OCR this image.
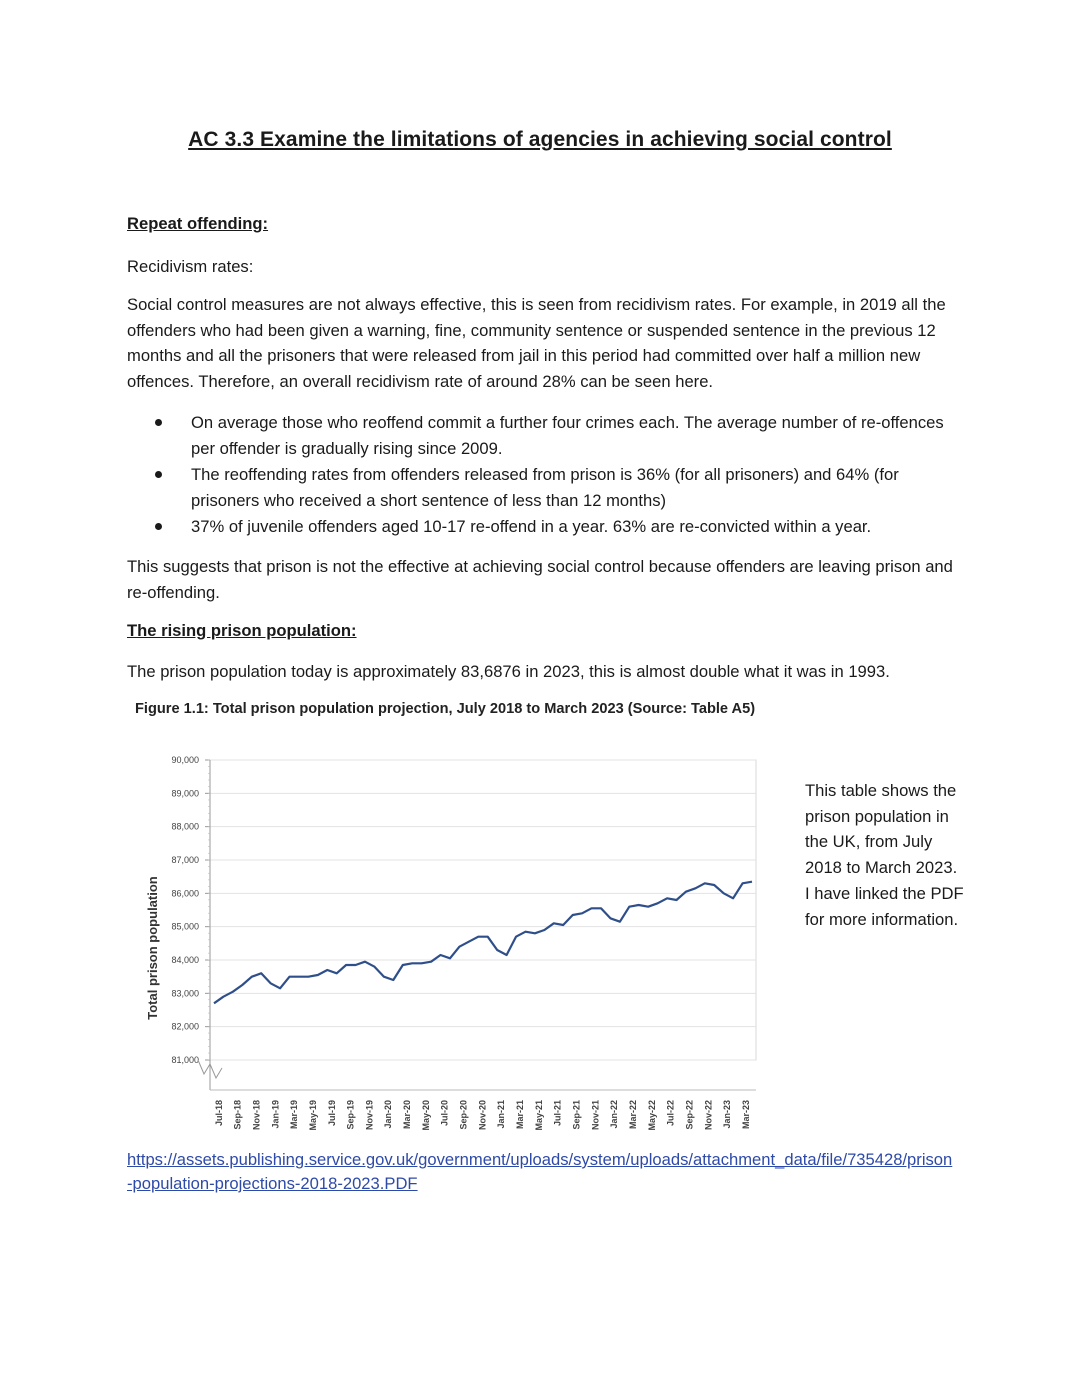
AC 3.3 Examine the limitations of agencies in achieving social control
Repeat offending:
Recidivism rates:
Social control measures are not always effective, this is seen from recidivism rates. For example, in 2019 all the offenders who had been given a warning, fine, community sentence or suspended sentence in the previous 12 months and all the prisoners that were released from jail in this period had committed over half a million new offences. Therefore, an overall recidivism rate of around 28% can be seen here.
On average those who reoffend commit a further four crimes each. The average number of re-offences per offender is gradually rising since 2009.
The reoffending rates from offenders released from prison is 36% (for all prisoners) and 64% (for prisoners who received a short sentence of less than 12 months)
37% of juvenile offenders aged 10-17 re-offend in a year. 63% are re-convicted within a year.
This suggests that prison is not the effective at achieving social control because offenders are leaving prison and re-offending.
The rising prison population:
The prison population today is approximately 83,6876 in 2023, this is almost double what it was in 1993.
Figure 1.1: Total prison population projection, July 2018 to March 2023 (Source: Table A5)
90,000
89,000
88,000
87,000
86,000
85,000
84,000
83,000
82,000
81,000
Jul-18 Sep-18 Nov-18 Jan-19 Mar-19 May-19 Jul-19 Sep-19 Nov-19 Jan-20 Mar-20 May-20 Jul-20 Sep-20 Nov-20 Jan-21 Mar-21 May-21 Jul-21 Sep-21 Nov-21 Jan-22 Mar-22 May-22 Jul-22 Sep-22 Nov-22 Jan-23 Mar-23
Total prison population
This table shows the prison population in the UK, from July 2018 to March 2023. I have linked the PDF for more information.
https://assets.publishing.service.gov.uk/government/uploads/system/uploads/attachment_data/file/735428/prison-population-projections-2018-2023.PDF
